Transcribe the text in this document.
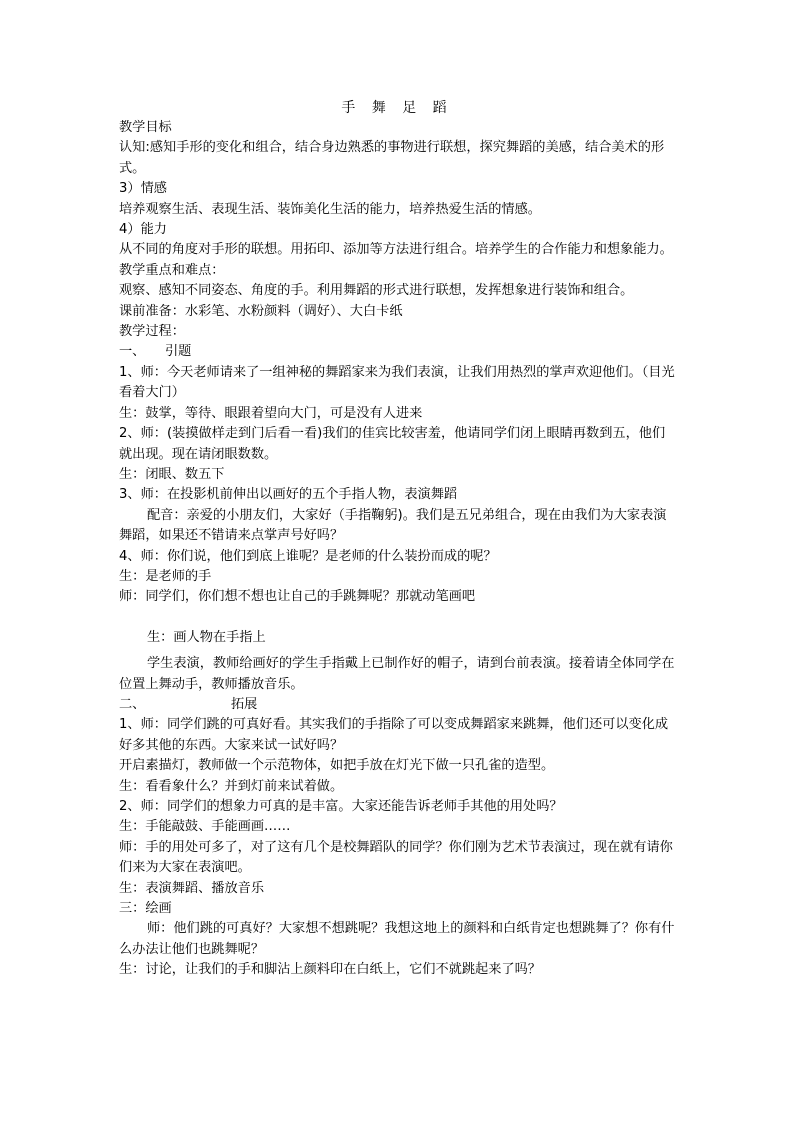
手 舞 足 蹈

教学目标

认知:感知手形的变化和组合，结合身边熟悉的事物进行联想，探究舞蹈的美感，结合美术的形式。

3）情感

培养观察生活、表现生活、装饰美化生活的能力，培养热爱生活的情感。

4）能力

从不同的角度对手形的联想。用拓印、添加等方法进行组合。培养学生的合作能力和想象能力。

教学重点和难点：

观察、感知不同姿态、角度的手。利用舞蹈的形式进行联想，发挥想象进行装饰和组合。

课前准备：水彩笔、水粉颜料（调好）、大白卡纸

教学过程：

一、	引题

1、师：今天老师请来了一组神秘的舞蹈家来为我们表演，让我们用热烈的掌声欢迎他们。（目光看着大门）

生：鼓掌，等待、眼跟着望向大门，可是没有人进来

2、师：(装摸做样走到门后看一看)我们的佳宾比较害羞，他请同学们闭上眼睛再数到五，他们就出现。现在请闭眼数数。

生：闭眼、数五下

3、师：在投影机前伸出以画好的五个手指人物，表演舞蹈

配音：亲爱的小朋友们，大家好（手指鞠躬)。我们是五兄弟组合，现在由我们为大家表演舞蹈，如果还不错请来点掌声号好吗？

4、师：你们说，他们到底上谁呢？是老师的什么装扮而成的呢？

生：是老师的手

师：同学们，你们想不想也让自己的手跳舞呢？那就动笔画吧

生：画人物在手指上

学生表演，教师给画好的学生手指戴上已制作好的帽子，请到台前表演。接着请全体同学在位置上舞动手，教师播放音乐。

二、	拓展

1、师：同学们跳的可真好看。其实我们的手指除了可以变成舞蹈家来跳舞，他们还可以变化成好多其他的东西。大家来试一试好吗？

开启素描灯，教师做一个示范物体，如把手放在灯光下做一只孔雀的造型。

生：看看象什么？并到灯前来试着做。

2、师：同学们的想象力可真的是丰富。大家还能告诉老师手其他的用处吗？

生：手能敲鼓、手能画画……

师：手的用处可多了，对了这有几个是校舞蹈队的同学？你们刚为艺术节表演过，现在就有请你们来为大家在表演吧。

生：表演舞蹈、播放音乐

三：绘画

师：他们跳的可真好？大家想不想跳呢？我想这地上的颜料和白纸肯定也想跳舞了？你有什么办法让他们也跳舞呢？

生：讨论，让我们的手和脚沾上颜料印在白纸上，它们不就跳起来了吗？
